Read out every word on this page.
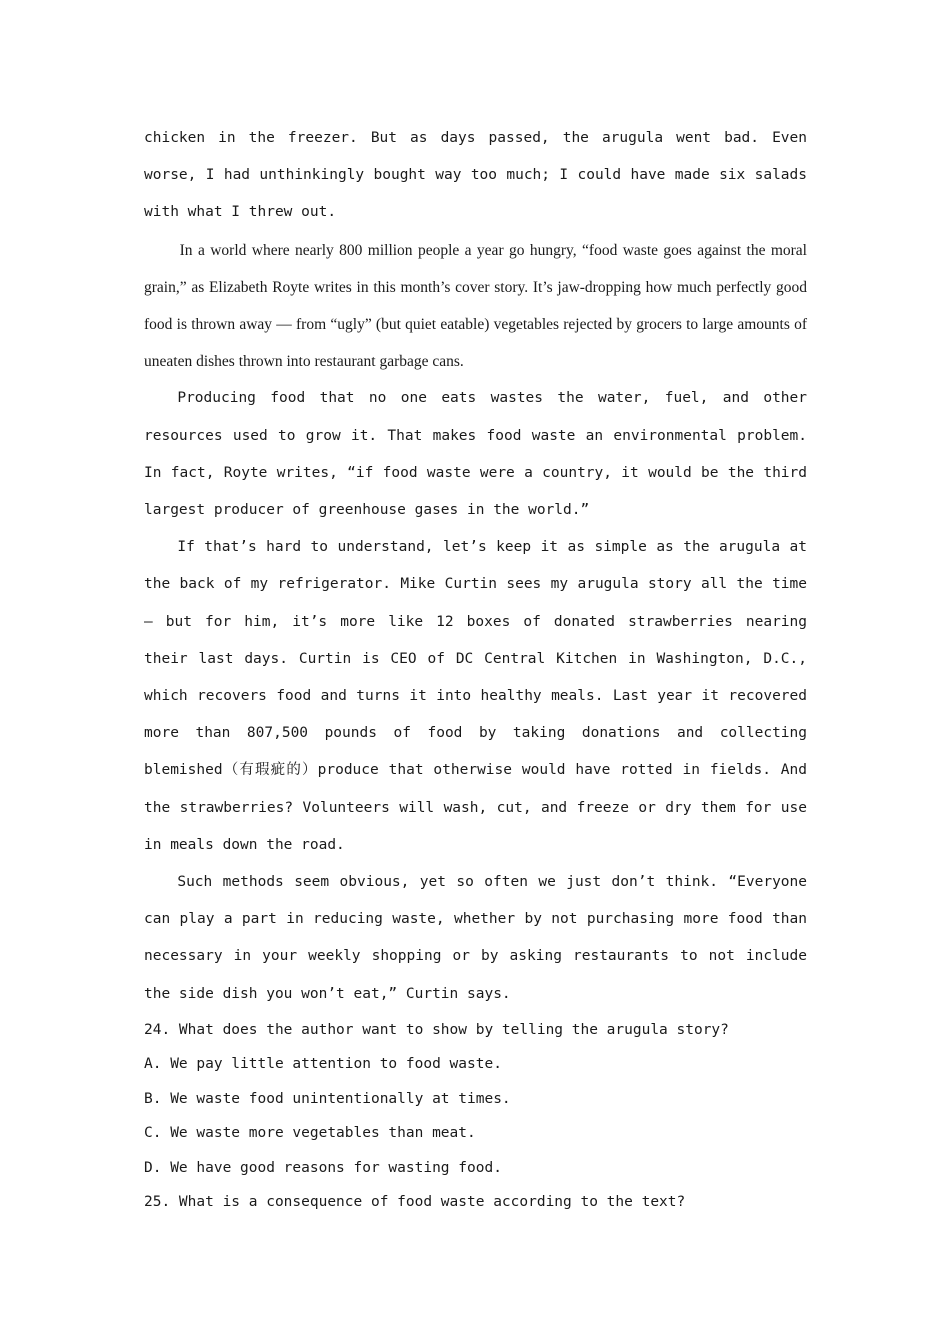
chicken in the freezer. But as days passed, the arugula went bad. Even worse, I had unthinkingly bought way too much; I could have made six salads with what I threw out.

In a world where nearly 800 million people a year go hungry, “food waste goes against the moral grain,” as Elizabeth Royte writes in this month’s cover story. It’s jaw-dropping how much perfectly good food is thrown away — from “ugly” (but quiet eatable) vegetables rejected by grocers to large amounts of uneaten dishes thrown into restaurant garbage cans.

Producing food that no one eats wastes the water, fuel, and other resources used to grow it. That makes food waste an environmental problem. In fact, Royte writes, “if food waste were a country, it would be the third largest producer of greenhouse gases in the world.”

If that’s hard to understand, let’s keep it as simple as the arugula at the back of my refrigerator. Mike Curtin sees my arugula story all the time — but for him, it’s more like 12 boxes of donated strawberries nearing their last days. Curtin is CEO of DC Central Kitchen in Washington, D.C., which recovers food and turns it into healthy meals. Last year it recovered more than 807,500 pounds of food by taking donations and collecting blemished（有瑕疵的）produce that otherwise would have rotted in fields. And the strawberries? Volunteers will wash, cut, and freeze or dry them for use in meals down the road.

Such methods seem obvious, yet so often we just don’t think. “Everyone can play a part in reducing waste, whether by not purchasing more food than necessary in your weekly shopping or by asking restaurants to not include the side dish you won’t eat,” Curtin says.

24. What does the author want to show by telling the arugula story?

A. We pay little attention to food waste.

B. We waste food unintentionally at times.

C. We waste more vegetables than meat.

D. We have good reasons for wasting food.

25. What is a consequence of food waste according to the text?
